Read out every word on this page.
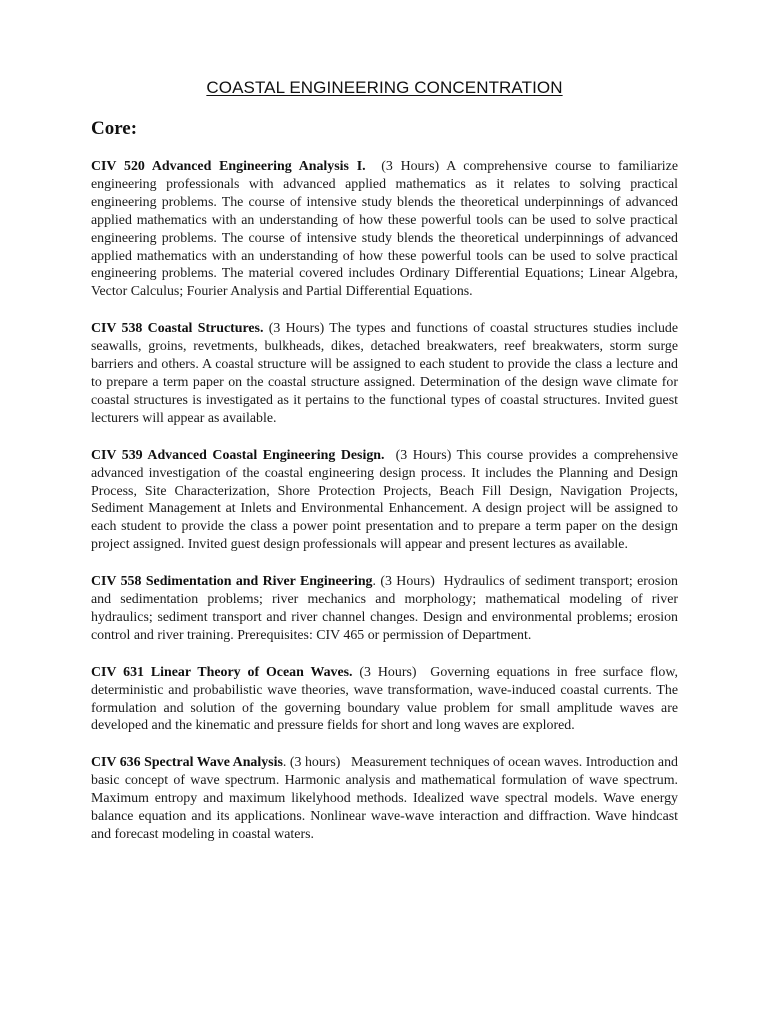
COASTAL ENGINEERING CONCENTRATION
Core:

CIV 520 Advanced Engineering Analysis I. (3 Hours) A comprehensive course to familiarize engineering professionals with advanced applied mathematics as it relates to solving practical engineering problems. The course of intensive study blends the theoretical underpinnings of advanced applied mathematics with an understanding of how these powerful tools can be used to solve practical engineering problems. The course of intensive study blends the theoretical underpinnings of advanced applied mathematics with an understanding of how these powerful tools can be used to solve practical engineering problems. The material covered includes Ordinary Differential Equations; Linear Algebra, Vector Calculus; Fourier Analysis and Partial Differential Equations.

CIV 538 Coastal Structures. (3 Hours) The types and functions of coastal structures studies include seawalls, groins, revetments, bulkheads, dikes, detached breakwaters, reef breakwaters, storm surge barriers and others. A coastal structure will be assigned to each student to provide the class a lecture and to prepare a term paper on the coastal structure assigned. Determination of the design wave climate for coastal structures is investigated as it pertains to the functional types of coastal structures. Invited guest lecturers will appear as available.

CIV 539 Advanced Coastal Engineering Design. (3 Hours) This course provides a comprehensive advanced investigation of the coastal engineering design process. It includes the Planning and Design Process, Site Characterization, Shore Protection Projects, Beach Fill Design, Navigation Projects, Sediment Management at Inlets and Environmental Enhancement. A design project will be assigned to each student to provide the class a power point presentation and to prepare a term paper on the design project assigned. Invited guest design professionals will appear and present lectures as available.

CIV 558 Sedimentation and River Engineering. (3 Hours) Hydraulics of sediment transport; erosion and sedimentation problems; river mechanics and morphology; mathematical modeling of river hydraulics; sediment transport and river channel changes. Design and environmental problems; erosion control and river training. Prerequisites: CIV 465 or permission of Department.

CIV 631 Linear Theory of Ocean Waves. (3 Hours) Governing equations in free surface flow, deterministic and probabilistic wave theories, wave transformation, wave-induced coastal currents. The formulation and solution of the governing boundary value problem for small amplitude waves are developed and the kinematic and pressure fields for short and long waves are explored.

CIV 636 Spectral Wave Analysis. (3 hours) Measurement techniques of ocean waves. Introduction and basic concept of wave spectrum. Harmonic analysis and mathematical formulation of wave spectrum. Maximum entropy and maximum likelyhood methods. Idealized wave spectral models. Wave energy balance equation and its applications. Nonlinear wave-wave interaction and diffraction. Wave hindcast and forecast modeling in coastal waters.
